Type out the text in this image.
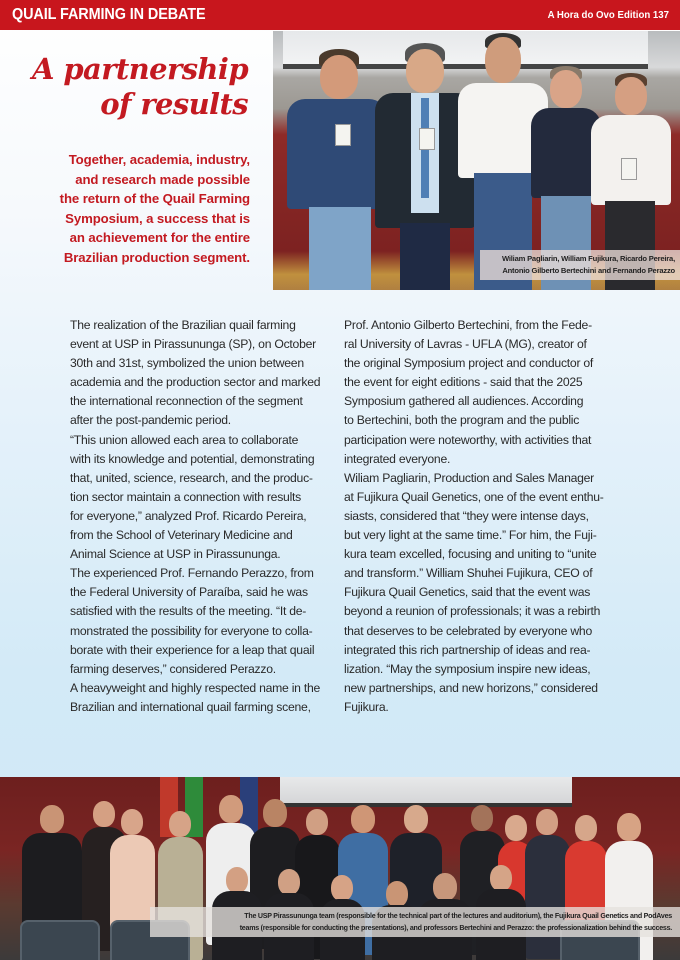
QUAIL FARMING IN DEBATE	A Hora do Ovo Edition 137
A partnership
of results
Together, academia, industry,
and research made possible
the return of the Quail Farming
Symposium, a success that is
an achievement for the entire
Brazilian production segment.	Wiliam Pagliarin, William Fujikura, Ricardo Pereira,
Antonio Gilberto Bertechini and Fernando Perazzo

The realization of the Brazilian quail farming

event at USP in Pirassununga (SP), on October

30th and 31st, symbolized the union between

academia and the production sector and marked

the international reconnection of the segment

after the post-pandemic period.

“This union allowed each area to collaborate

with its knowledge and potential, demonstrating

that, united, science, research, and the produc-

tion sector maintain a connection with results

for everyone,” analyzed Prof. Ricardo Pereira,

from the School of Veterinary Medicine and

Animal Science at USP in Pirassununga.

The experienced Prof. Fernando Perazzo, from

the Federal University of Paraíba, said he was

satisfied with the results of the meeting. “It de-

monstrated the possibility for everyone to colla-

borate with their experience for a leap that quail

farming deserves,” considered Perazzo.

A heavyweight and highly respected name in the

Brazilian and international quail farming scene,

Prof. Antonio Gilberto Bertechini, from the Fede-

ral University of Lavras - UFLA (MG), creator of

the original Symposium project and conductor of

the event for eight editions - said that the 2025

Symposium gathered all audiences. According

to Bertechini, both the program and the public

participation were noteworthy, with activities that

integrated everyone.

Wiliam Pagliarin, Production and Sales Manager

at Fujikura Quail Genetics, one of the event enthu-

siasts, considered that “they were intense days,

but very light at the same time.” For him, the Fuji-

kura team excelled, focusing and uniting to “unite

and transform.” William Shuhei Fujikura, CEO of

Fujikura Quail Genetics, said that the event was

beyond a reunion of professionals; it was a rebirth

that deserves to be celebrated by everyone who

integrated this rich partnership of ideas and rea-

lization. “May the symposium inspire new ideas,

new partnerships, and new horizons,” considered

Fujikura.

The USP Pirassununga team (responsible for the technical part of the lectures and auditorium), the Fujikura Quail Genetics and PodAves
teams (responsible for conducting the presentations), and professors Bertechini and Perazzo: the professionalization behind the success.
